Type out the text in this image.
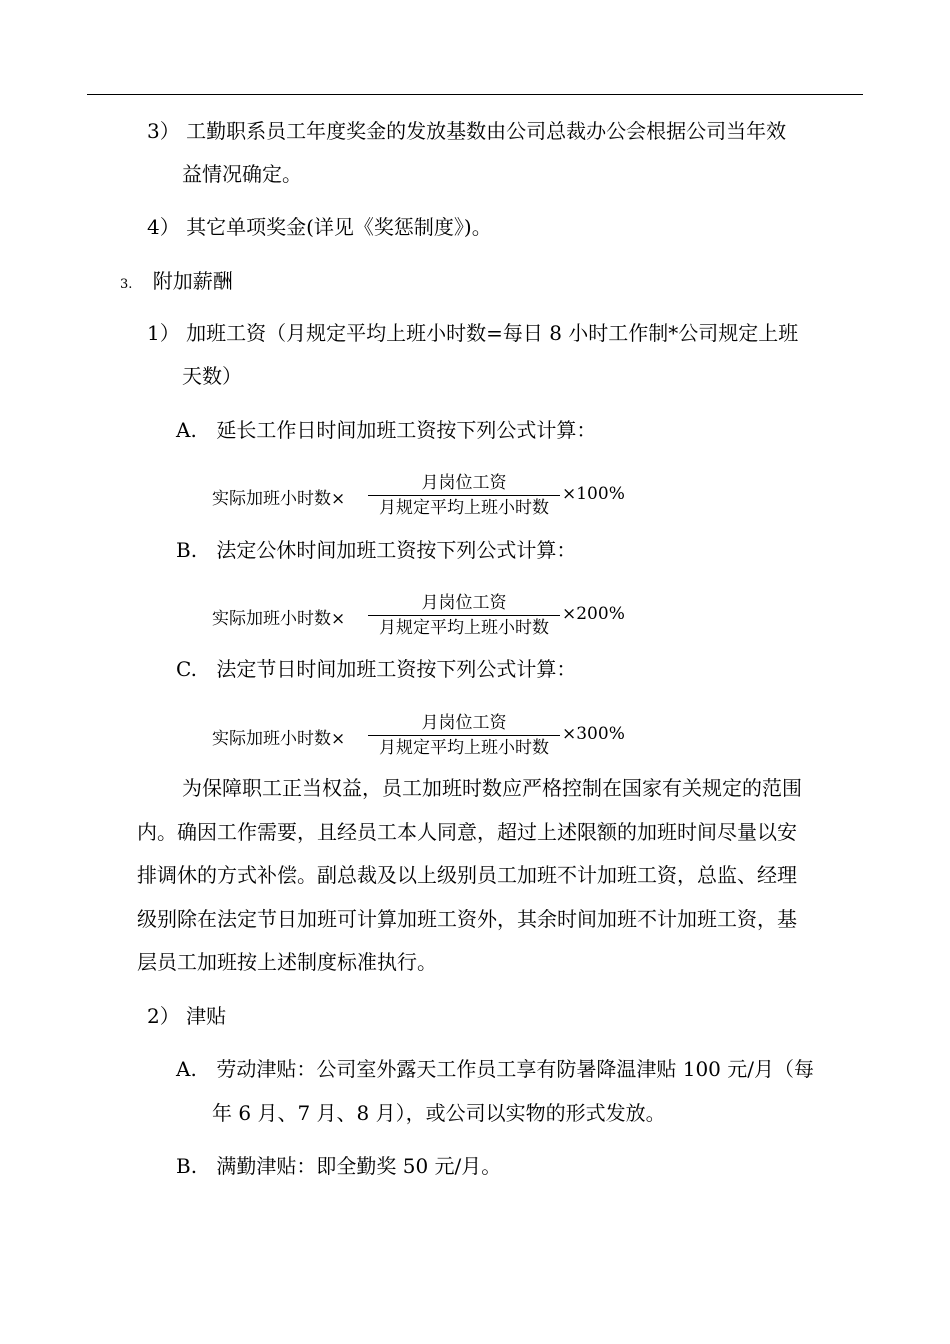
3） 工勤职系员工年度奖金的发放基数由公司总裁办公会根据公司当年效
益情况确定。
4） 其它单项奖金(详见《奖惩制度》)。
3. 附加薪酬
1） 加班工资（月规定平均上班小时数=每日 8 小时工作制*公司规定上班
天数）
A. 延长工作日时间加班工资按下列公式计算：
实际加班小时数×
月岗位工资
月规定平均上班小时数
×100%
B. 法定公休时间加班工资按下列公式计算：
实际加班小时数×
月岗位工资
月规定平均上班小时数
×200%
C. 法定节日时间加班工资按下列公式计算：
实际加班小时数×
月岗位工资
月规定平均上班小时数
×300%
为保障职工正当权益，员工加班时数应严格控制在国家有关规定的范围
内。确因工作需要，且经员工本人同意，超过上述限额的加班时间尽量以安
排调休的方式补偿。副总裁及以上级别员工加班不计加班工资，总监、经理
级别除在法定节日加班可计算加班工资外，其余时间加班不计加班工资，基
层员工加班按上述制度标准执行。
2） 津贴
A. 劳动津贴：公司室外露天工作员工享有防暑降温津贴 100 元/月（每
年 6 月、7 月、8 月），或公司以实物的形式发放。
B. 满勤津贴：即全勤奖 50 元/月。
